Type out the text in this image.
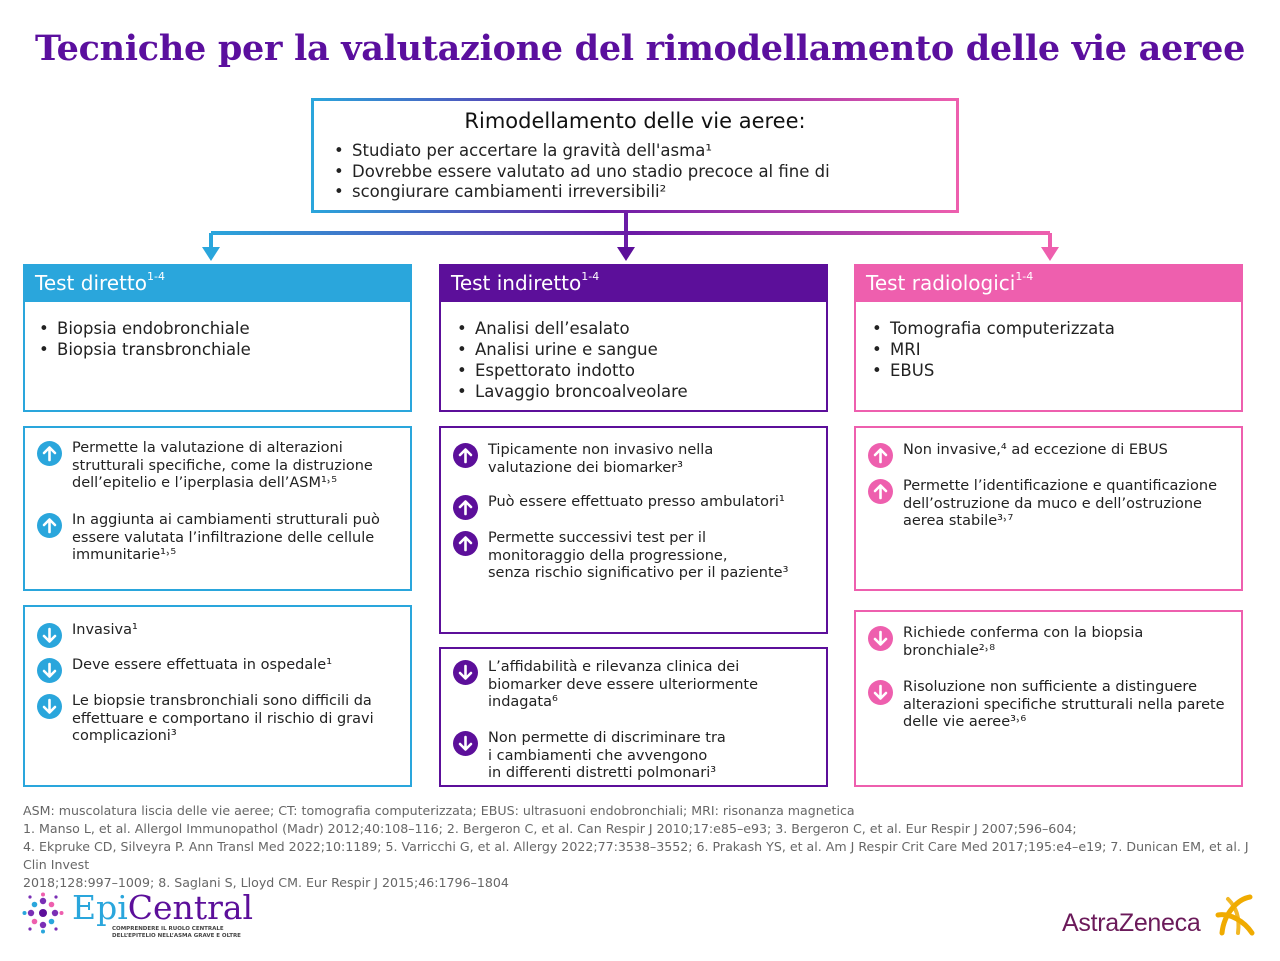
Tecniche per la valutazione del rimodellamento delle vie aeree
Rimodellamento delle vie aeree:
• Studiato per accertare la gravità dell'asma¹
• Dovrebbe essere valutato ad uno stadio precoce al fine di
• scongiurare cambiamenti irreversibili²
Test diretto$^{1-4}$
• Biopsia endobronchiale
• Biopsia transbronchiale
Permette la valutazione di alterazioni
strutturali specifiche, come la distruzione
dell’epitelio e l’iperplasia dell’ASM¹˒⁵
In aggiunta ai cambiamenti strutturali può
essere valutata l’infiltrazione delle cellule
immunitarie¹˒⁵
Invasiva¹
Deve essere effettuata in ospedale¹
Le biopsie transbronchiali sono difficili da
effettuare e comportano il rischio di gravi
complicazioni³
Test indiretto$^{1-4}$
• Analisi dell’esalato
• Analisi urine e sangue
• Espettorato indotto
• Lavaggio broncoalveolare
Tipicamente non invasivo nella
valutazione dei biomarker³
Può essere effettuato presso ambulatori¹
Permette successivi test per il
monitoraggio della progressione,
senza rischio significativo per il paziente³
L’affidabilità e rilevanza clinica dei
biomarker deve essere ulteriormente
indagata⁶
Non permette di discriminare tra
i cambiamenti che avvengono
in differenti distretti polmonari³
Test radiologici$^{1-4}$
• Tomografia computerizzata
• MRI
• EBUS
Non invasive,⁴ ad eccezione di EBUS
Permette l’identificazione e quantificazione
dell’ostruzione da muco e dell’ostruzione
aerea stabile³˒⁷
Richiede conferma con la biopsia
bronchiale²˒⁸
Risoluzione non sufficiente a distinguere
alterazioni specifiche strutturali nella parete
delle vie aeree³˒⁶
ASM: muscolatura liscia delle vie aeree; CT: tomografia computerizzata; EBUS: ultrasuoni endobronchiali; MRI: risonanza magnetica
1. Manso L, et al. Allergol Immunopathol (Madr) 2012;40:108–116; 2. Bergeron C, et al. Can Respir J 2010;17:e85–e93; 3. Bergeron C, et al. Eur Respir J 2007;596–604;
4. Ekpruke CD, Silveyra P. Ann Transl Med 2022;10:1189; 5. Varricchi G, et al. Allergy 2022;77:3538–3552; 6. Prakash YS, et al. Am J Respir Crit Care Med 2017;195:e4–e19; 7. Dunican EM, et al. J Clin Invest
2018;128:997–1009; 8. Saglani S, Lloyd CM. Eur Respir J 2015;46:1796–1804
EpiCentral
COMPRENDERE IL RUOLO CENTRALE
DELL’EPITELIO NELL’ASMA GRAVE E OLTRE	AstraZeneca
